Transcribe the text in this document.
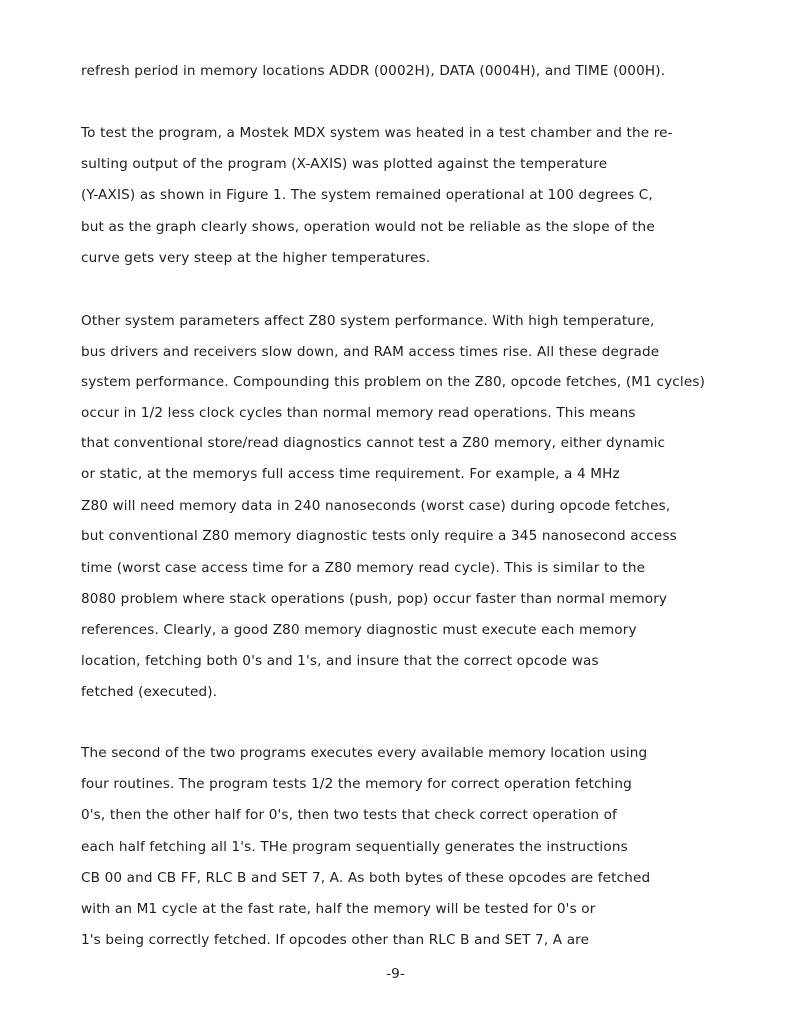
refresh period in memory locations ADDR (0002H), DATA (0004H), and TIME (000H).
To test the program, a Mostek MDX system was heated in a test chamber and the re-
sulting output of the program (X-AXIS) was plotted against the temperature
(Y-AXIS) as shown in Figure 1. The system remained operational at 100 degrees C,
but as the graph clearly shows, operation would not be reliable as the slope of the
curve gets very steep at the higher temperatures.
Other system parameters affect Z80 system performance. With high temperature,
bus drivers and receivers slow down, and RAM access times rise. All these degrade
system performance. Compounding this problem on the Z80, opcode fetches, (M1 cycles)
occur in 1/2 less clock cycles than normal memory read operations. This means
that conventional store/read diagnostics cannot test a Z80 memory, either dynamic
or static, at the memorys full access time requirement. For example, a 4 MHz
Z80 will need memory data in 240 nanoseconds (worst case) during opcode fetches,
but conventional Z80 memory diagnostic tests only require a 345 nanosecond access
time (worst case access time for a Z80 memory read cycle). This is similar to the
8080 problem where stack operations (push, pop) occur faster than normal memory
references. Clearly, a good Z80 memory diagnostic must execute each memory
location, fetching both 0's and 1's, and insure that the correct opcode was
fetched (executed).
The second of the two programs executes every available memory location using
four routines. The program tests 1/2 the memory for correct operation fetching
0's, then the other half for 0's, then two tests that check correct operation of
each half fetching all 1's. THe program sequentially generates the instructions
CB 00 and CB FF, RLC B and SET 7, A. As both bytes of these opcodes are fetched
with an M1 cycle at the fast rate, half the memory will be tested for 0's or
1's being correctly fetched. If opcodes other than RLC B and SET 7, A are
-9-
